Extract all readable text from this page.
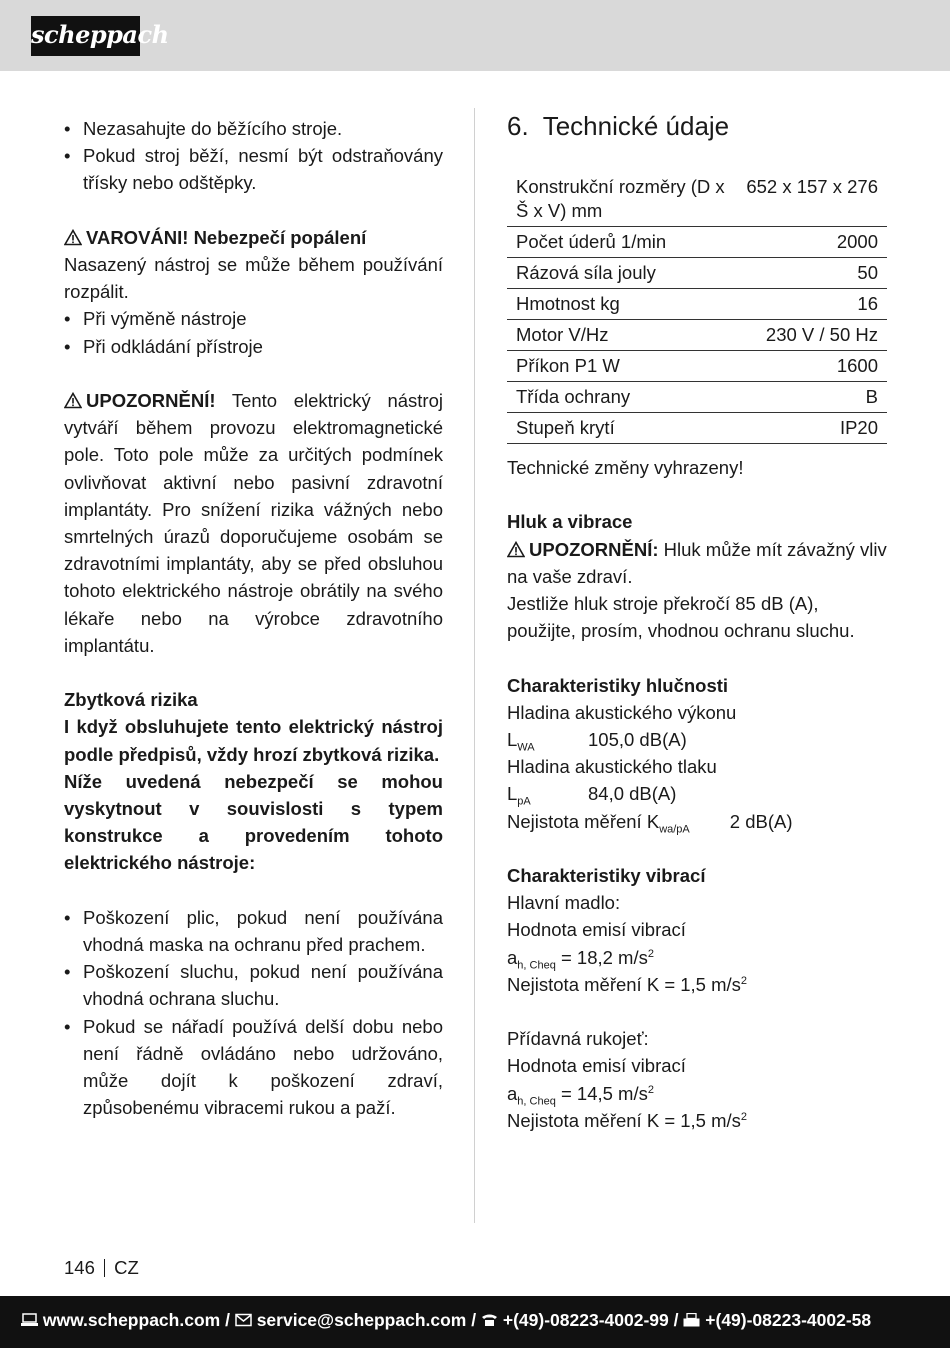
scheppach
• Nezasahujte do běžícího stroje.
• Pokud stroj běží, nesmí být odstraňovány třísky nebo odštěpky.

VAROVÁNI! Nebezpečí popálení

Nasazený nástroj se může během používání rozpálit.

• Při výměně nástroje
• Při odkládání přístroje

UPOZORNĚNÍ! Tento elektrický nástroj vytváří během provozu elektromagnetické pole. Toto pole může za určitých podmínek ovlivňovat aktivní nebo pasivní zdravotní implantáty. Pro snížení rizika vážných nebo smrtelných úrazů doporučujeme osobám se zdravotními implantáty, aby se před obsluhou tohoto elektrického nástroje obrátily na svého lékaře nebo na výrobce zdravotního implantátu.

Zbytková rizika

I když obsluhujete tento elektrický nástroj podle předpisů, vždy hrozí zbytková rizika.

Níže uvedená nebezpečí se mohou vyskytnout v souvislosti s typem konstrukce a provedením tohoto elektrického nástroje:

• Poškození plic, pokud není používána vhodná maska na ochranu před prachem.
• Poškození sluchu, pokud není používána vhodná ochrana sluchu.
• Pokud se nářadí používá delší dobu nebo není řádně ovládáno nebo udržováno, může dojít k poškození zdraví, způsobenému vibracemi rukou a paží.
6. Technické údaje
Konstrukční rozměry (D x Š x V) mm	652 x 157 x 276
Počet úderů 1/min	2000
Rázová síla jouly	50
Hmotnost kg	16
Motor V/Hz	230 V / 50 Hz
Příkon P1 W	1600
Třída ochrany	B
Stupeň krytí	IP20

Technické změny vyhrazeny!

Hluk a vibrace

UPOZORNĚNÍ: Hluk může mít závažný vliv na vaše zdraví.

Jestliže hluk stroje překročí 85 dB (A), použijte, prosím, vhodnou ochranu sluchu.

Charakteristiky hlučnosti

Hladina akustického výkonu

$L_{WA}$	105,0 dB(A)

Hladina akustického tlaku

$L_{pA}$	84,0 dB(A)

Nejistota měření $K_{wa/pA}$ 2 dB(A)

Charakteristiky vibrací

Hlavní madlo:

Hodnota emisí vibrací

$a_{h, Cheq} = 18,2$ $m/s^2$

Nejistota měření K = 1,5 $m/s^2$

Přídavná rukojeť:

Hodnota emisí vibrací

$a_{h, Cheq} = 14,5$ $m/s^2$

Nejistota měření K = 1,5 $m/s^2$

146 CZ
www.scheppach.com / service@scheppach.com / +(49)-08223-4002-99 / +(49)-08223-4002-58
